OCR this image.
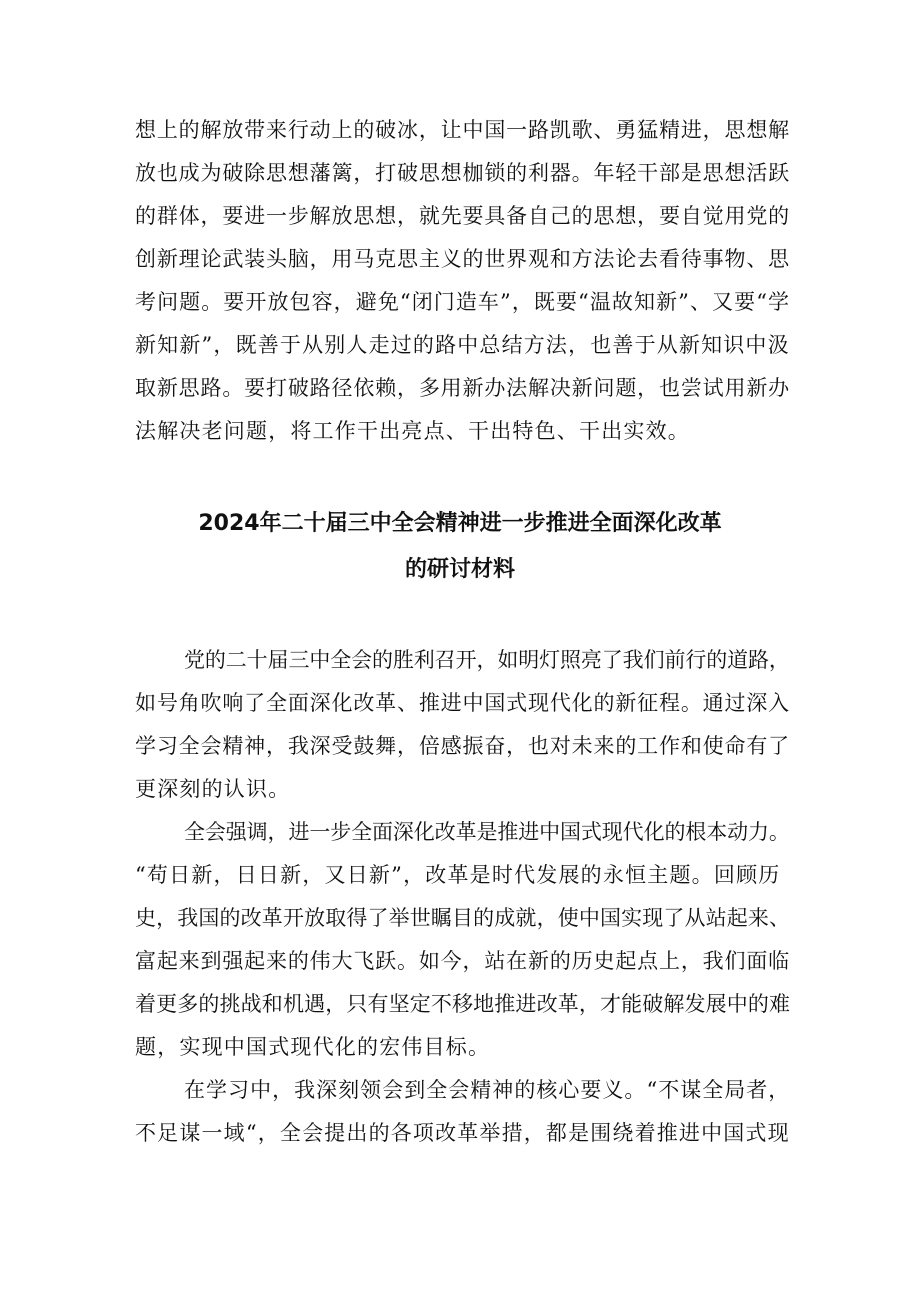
想上的解放带来行动上的破冰，让中国一路凯歌、勇猛精进，思想解
放也成为破除思想藩篱，打破思想枷锁的利器。年轻干部是思想活跃
的群体，要进一步解放思想，就先要具备自己的思想，要自觉用党的
创新理论武装头脑，用马克思主义的世界观和方法论去看待事物、思
考问题。要开放包容，避免“闭门造车”，既要“温故知新”、又要“学
新知新”，既善于从别人走过的路中总结方法，也善于从新知识中汲
取新思路。要打破路径依赖，多用新办法解决新问题，也尝试用新办
法解决老问题，将工作干出亮点、干出特色、干出实效。
2024年二十届三中全会精神进一步推进全面深化改革
的研讨材料
党的二十届三中全会的胜利召开，如明灯照亮了我们前行的道路，
如号角吹响了全面深化改革、推进中国式现代化的新征程。通过深入
学习全会精神，我深受鼓舞，倍感振奋，也对未来的工作和使命有了
更深刻的认识。
全会强调，进一步全面深化改革是推进中国式现代化的根本动力。
“苟日新，日日新，又日新”，改革是时代发展的永恒主题。回顾历
史，我国的改革开放取得了举世瞩目的成就，使中国实现了从站起来、
富起来到强起来的伟大飞跃。如今，站在新的历史起点上，我们面临
着更多的挑战和机遇，只有坚定不移地推进改革，才能破解发展中的难
题，实现中国式现代化的宏伟目标。
在学习中，我深刻领会到全会精神的核心要义。“不谋全局者，
不足谋一域“，全会提出的各项改革举措，都是围绕着推进中国式现
